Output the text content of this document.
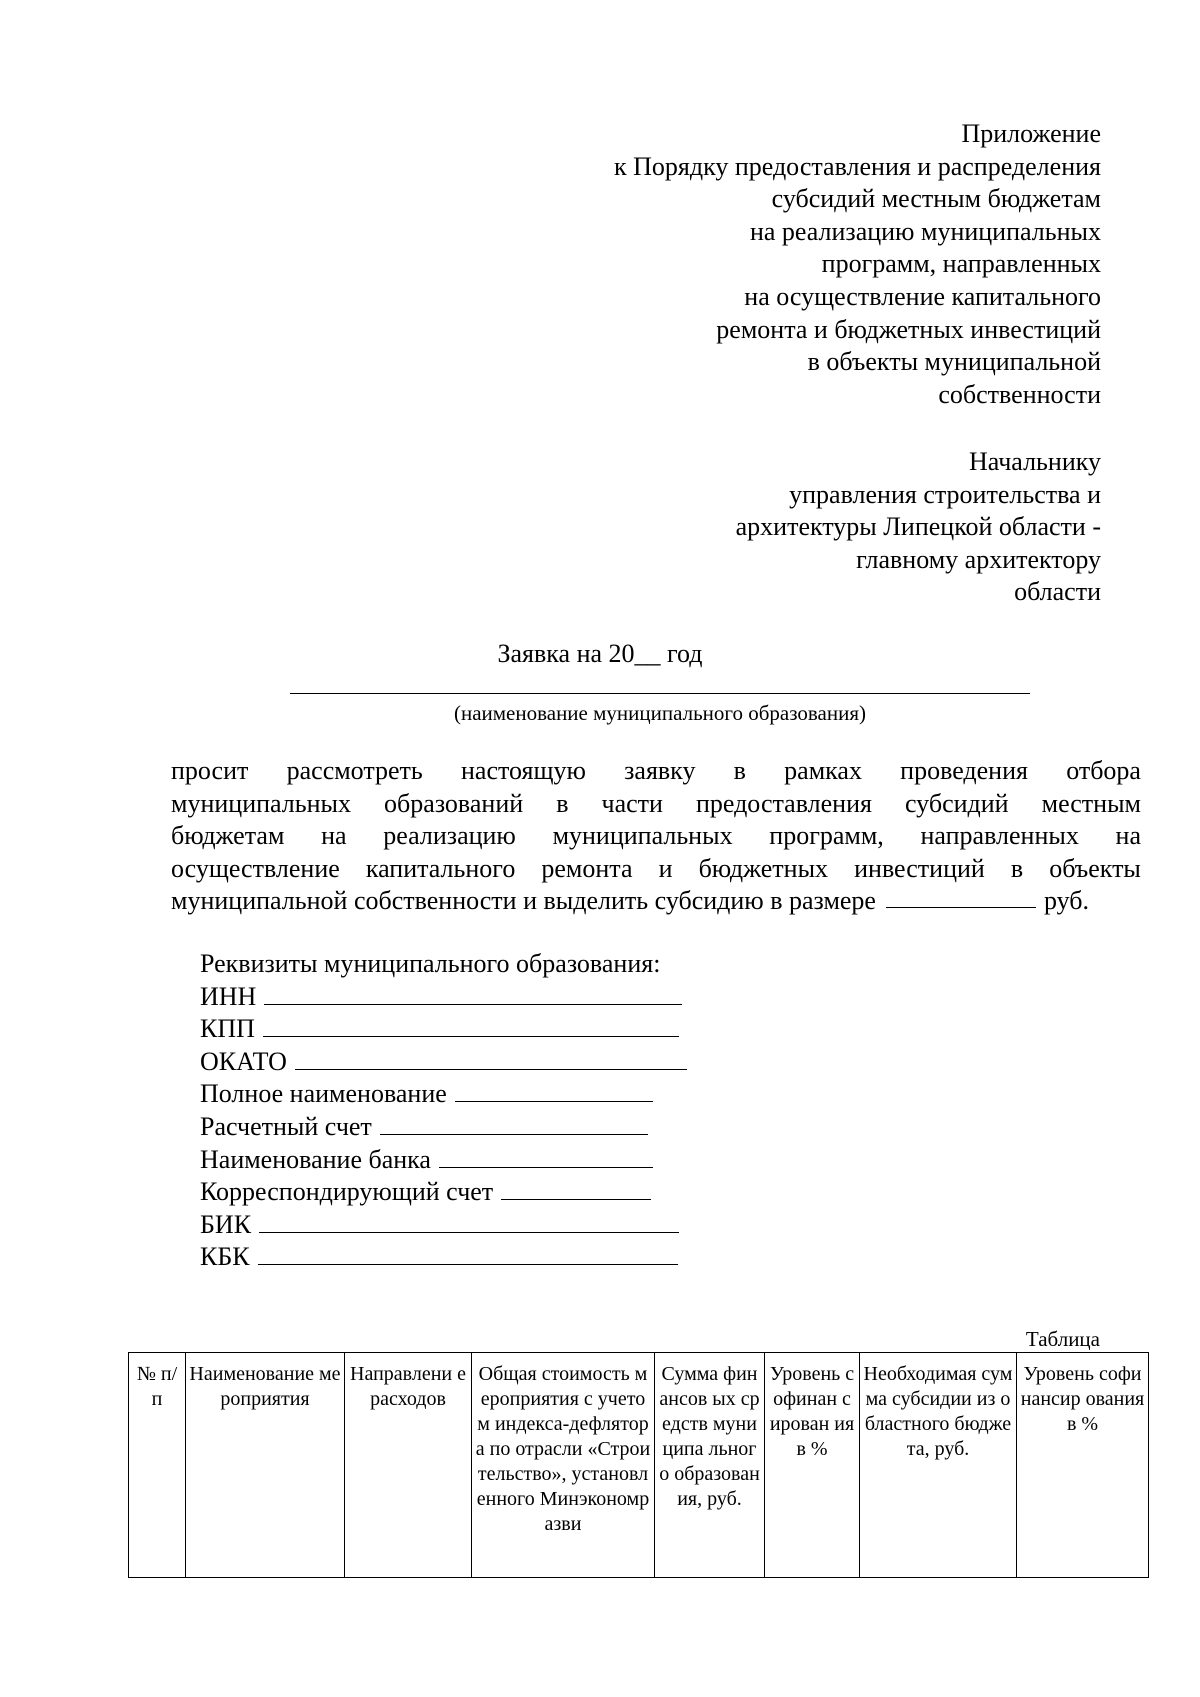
Приложение
к Порядку предоставления и распределения
субсидий местным бюджетам
на реализацию муниципальных
программ, направленных
на осуществление капитального
ремонта и бюджетных инвестиций
в объекты муниципальной
собственности
Начальнику
управления строительства и
архитектуры Липецкой области -
главному архитектору
области
Заявка на 20__ год
(наименование муниципального образования)
просит рассмотреть настоящую заявку в рамках проведения отбора
муниципальных образований в части предоставления субсидий местным
бюджетам на реализацию муниципальных программ, направленных на
осуществление капитального ремонта и бюджетных инвестиций в объекты
муниципальной собственности и выделить субсидию в размере	руб.
Реквизиты муниципального образования:
ИНН
КПП
ОКАТО
Полное наименование
Расчетный счет
Наименование банка
Корреспондирующий счет
БИК
КБК
Таблица
№ п/п	Наименование мероприятия	Направлени е расходов	Общая стоимость мероприятия с учетом индекса-дефлятора по отрасли «Строительство», установленного Минэкономразви	Сумма финансов ых средств муниципа льного образован ия, руб.	Уровень софинан сирован ия в %	Необходимая сумма субсидии из областного бюджета, руб.	Уровень софинансир ования в %
